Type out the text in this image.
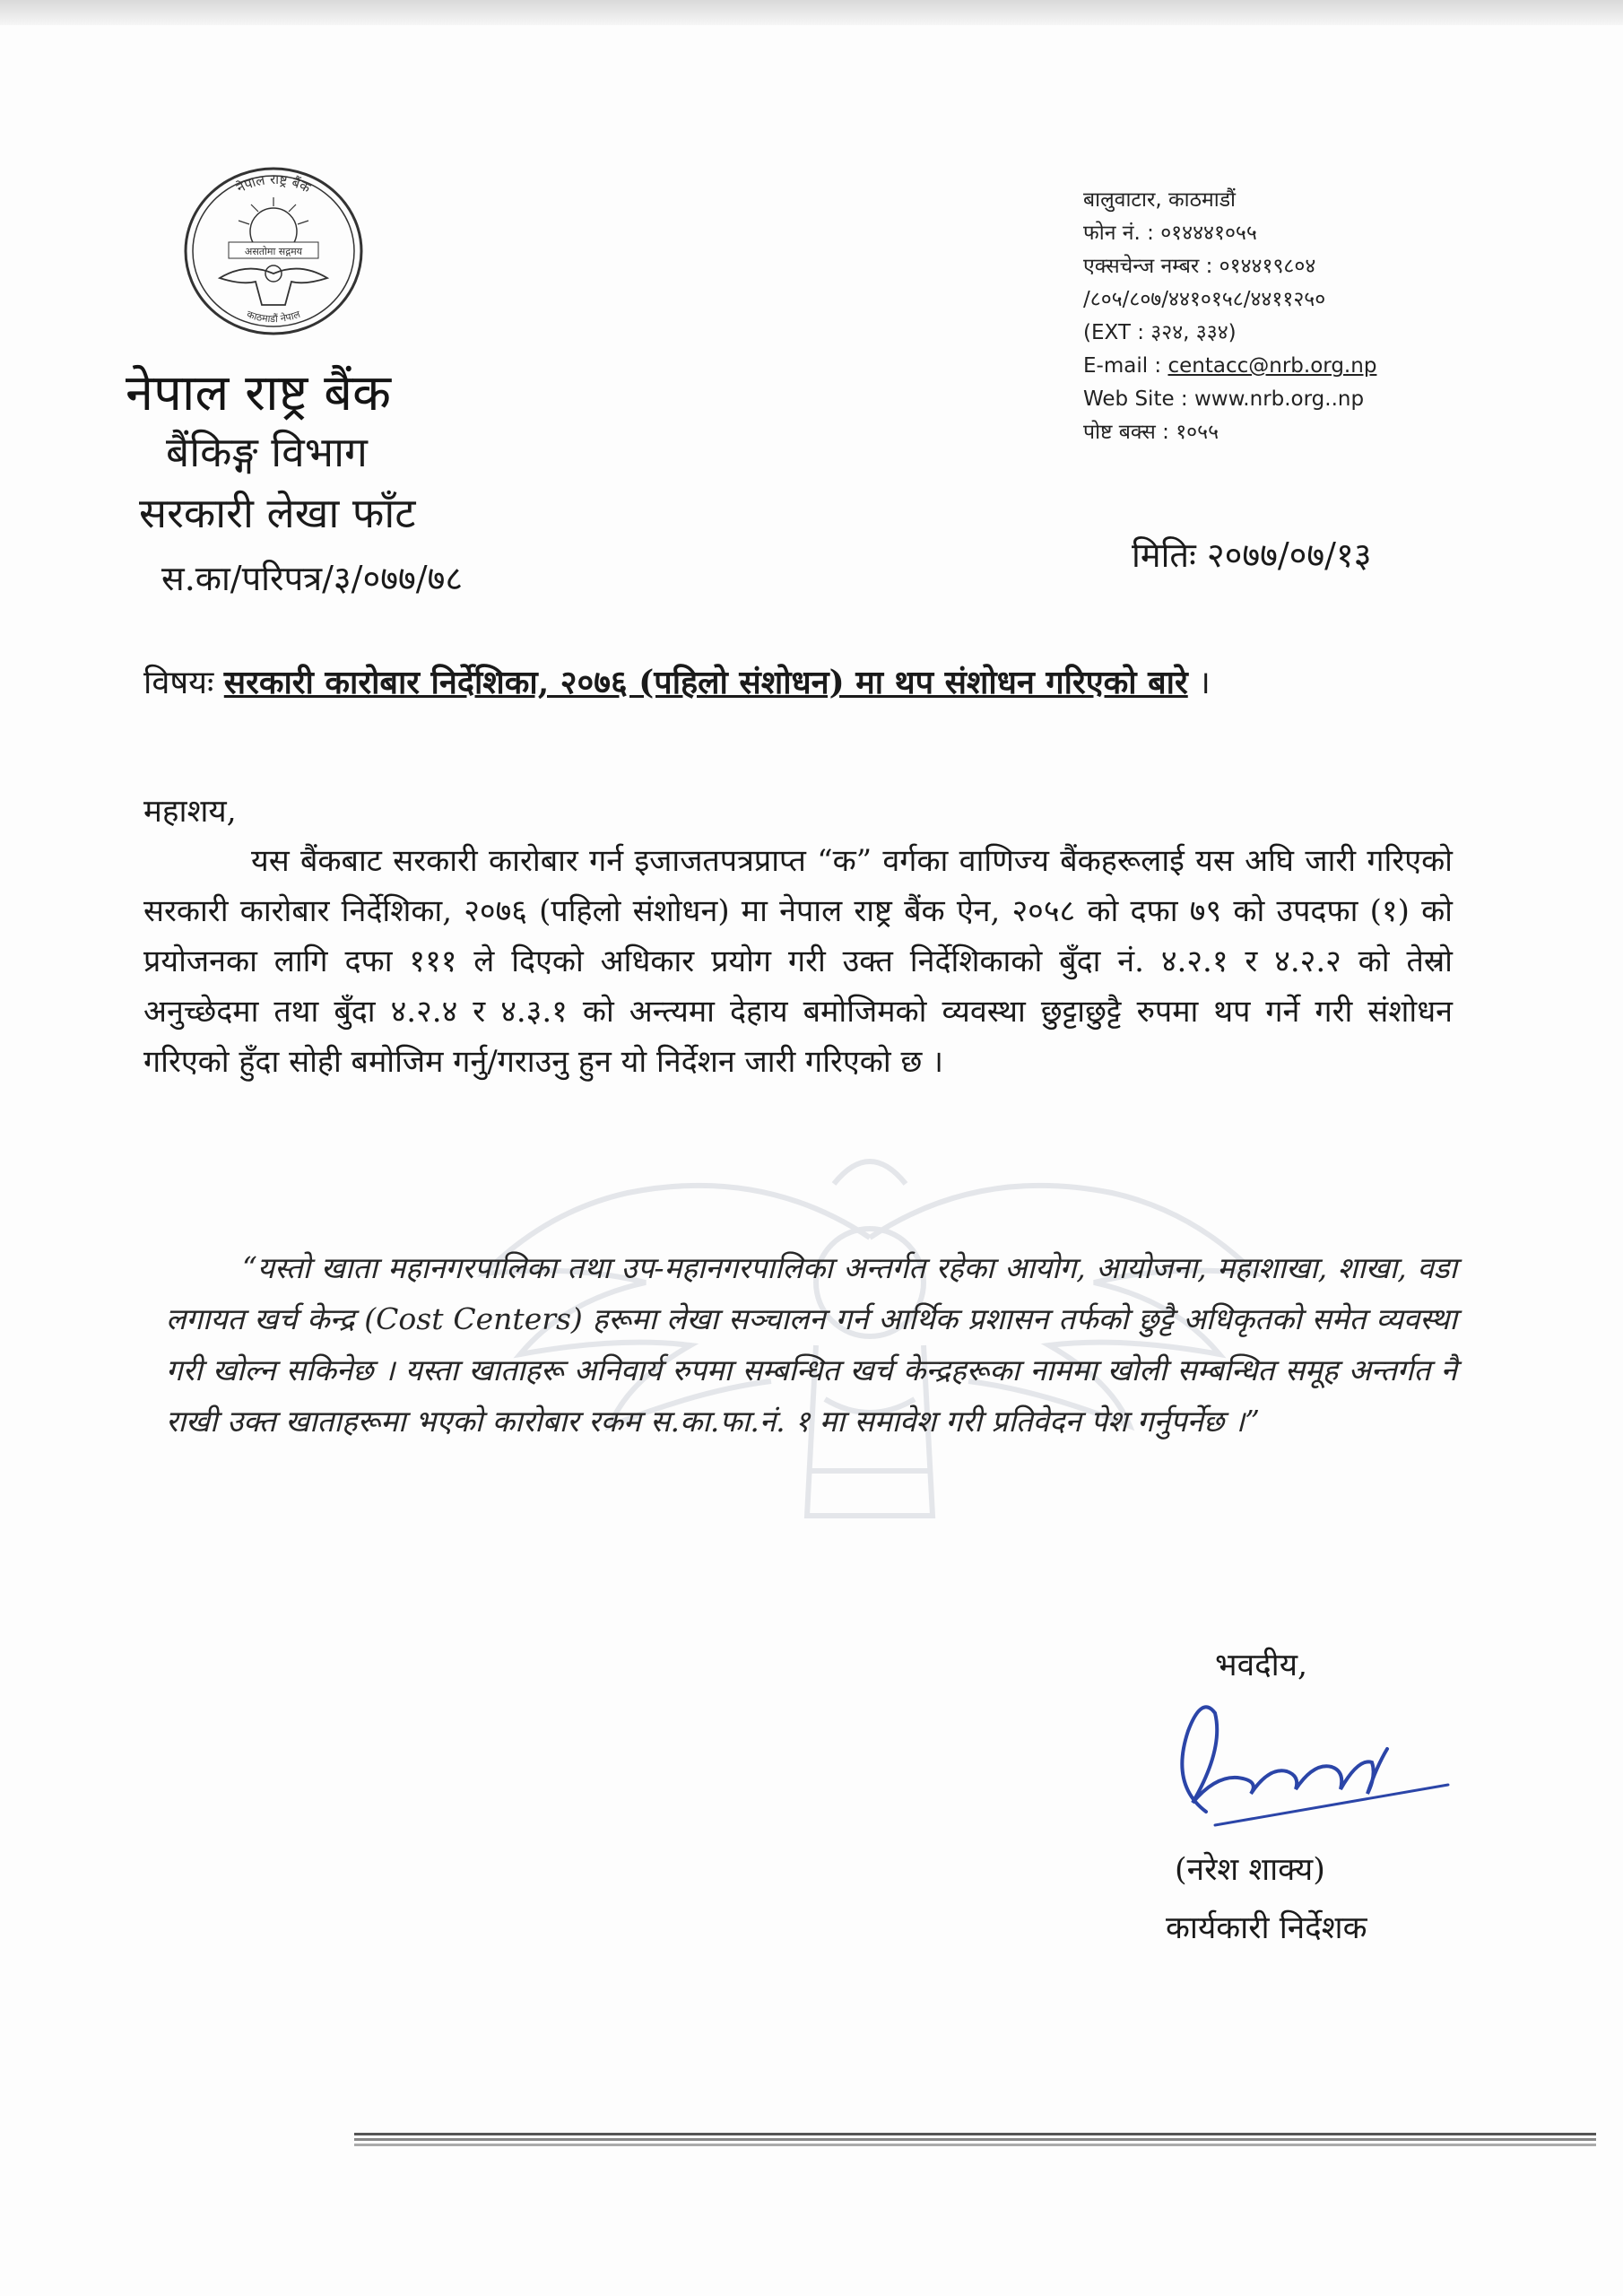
नेपाल राष्ट्र बैंक
असतोमा सद्गमय
काठमाडौं नेपाल
नेपाल राष्ट्र बैंक
बैंकिङ्ग विभाग
सरकारी लेखा फाँट
स.का/परिपत्र/३/०७७/७८
बालुवाटार, काठमाडौं
फोन नं. : ०१४४४१०५५
एक्सचेन्ज नम्बर : ०१४४१९८०४
/८०५/८०७/४४१०१५८/४४११२५०
(EXT : ३२४, ३३४)
E-mail : centacc@nrb.org.np
Web Site : www.nrb.org..np
पोष्ट बक्स : १०५५
मितिः २०७७/०७/१३
विषयः सरकारी कारोबार निर्देशिका, २०७६ (पहिलो संशोधन) मा थप संशोधन गरिएको बारे ।
महाशय,
यस बैंकबाट सरकारी कारोबार गर्न इजाजतपत्रप्राप्त “क” वर्गका वाणिज्य बैंकहरूलाई यस अघि जारी गरिएको सरकारी कारोबार निर्देशिका, २०७६ (पहिलो संशोधन) मा नेपाल राष्ट्र बैंक ऐन, २०५८ को दफा ७९ को उपदफा (१) को प्रयोजनका लागि दफा १११ ले दिएको अधिकार प्रयोग गरी उक्त निर्देशिकाको बुँदा नं. ४.२.१ र ४.२.२ को तेस्रो अनुच्छेदमा तथा बुँदा ४.२.४ र ४.३.१ को अन्त्यमा देहाय बमोजिमको व्यवस्था छुट्टाछुट्टै रुपमा थप गर्ने गरी संशोधन गरिएको हुँदा सोही बमोजिम गर्नु/गराउनु हुन यो निर्देशन जारी गरिएको छ ।
“यस्तो खाता महानगरपालिका तथा उप-महानगरपालिका अन्तर्गत रहेका आयोग, आयोजना, महाशाखा, शाखा, वडा लगायत खर्च केन्द्र (Cost Centers) हरूमा लेखा सञ्चालन गर्न आर्थिक प्रशासन तर्फको छुट्टै अधिकृतको समेत व्यवस्था गरी खोल्न सकिनेछ । यस्ता खाताहरू अनिवार्य रुपमा सम्बन्धित खर्च केन्द्रहरूका नाममा खोली सम्बन्धित समूह अन्तर्गत नै राखी उक्त खाताहरूमा भएको कारोबार रकम स.का.फा.नं. १ मा समावेश गरी प्रतिवेदन पेश गर्नुपर्नेछ ।”
भवदीय,
(नरेश शाक्य)
कार्यकारी निर्देशक
